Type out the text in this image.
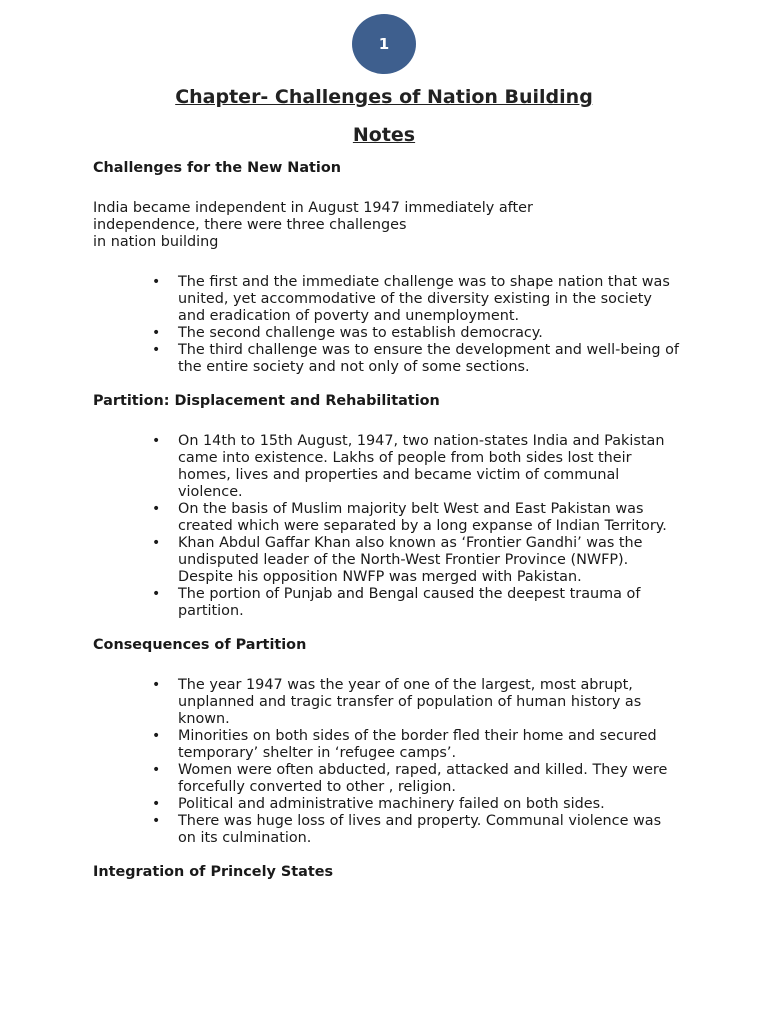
1
Chapter- Challenges of Nation Building
Notes

Challenges for the New Nation

India became independent in August 1947 immediately after
independence, there were three challenges
in nation building

• The first and the immediate challenge was to shape nation that was united, yet accommodative of the diversity existing in the society and eradication of poverty and unemployment.
• The second challenge was to establish democracy.
• The third challenge was to ensure the development and well-being of the entire society and not only of some sections.

Partition: Displacement and Rehabilitation

• On 14th to 15th August, 1947, two nation-states India and Pakistan came into existence. Lakhs of people from both sides lost their homes, lives and properties and became victim of communal violence.
• On the basis of Muslim majority belt West and East Pakistan was created which were separated by a long expanse of Indian Territory.
• Khan Abdul Gaffar Khan also known as ‘Frontier Gandhi’ was the undisputed leader of the North-West Frontier Province (NWFP). Despite his opposition NWFP was merged with Pakistan.
• The portion of Punjab and Bengal caused the deepest trauma of partition.

Consequences of Partition

• The year 1947 was the year of one of the largest, most abrupt, unplanned and tragic transfer of population of human history as known.
• Minorities on both sides of the border fled their home and secured temporary’ shelter in ‘refugee camps’.
• Women were often abducted, raped, attacked and killed. They were forcefully converted to other , religion.
• Political and administrative machinery failed on both sides.
• There was huge loss of lives and property. Communal violence was on its culmination.

Integration of Princely States
